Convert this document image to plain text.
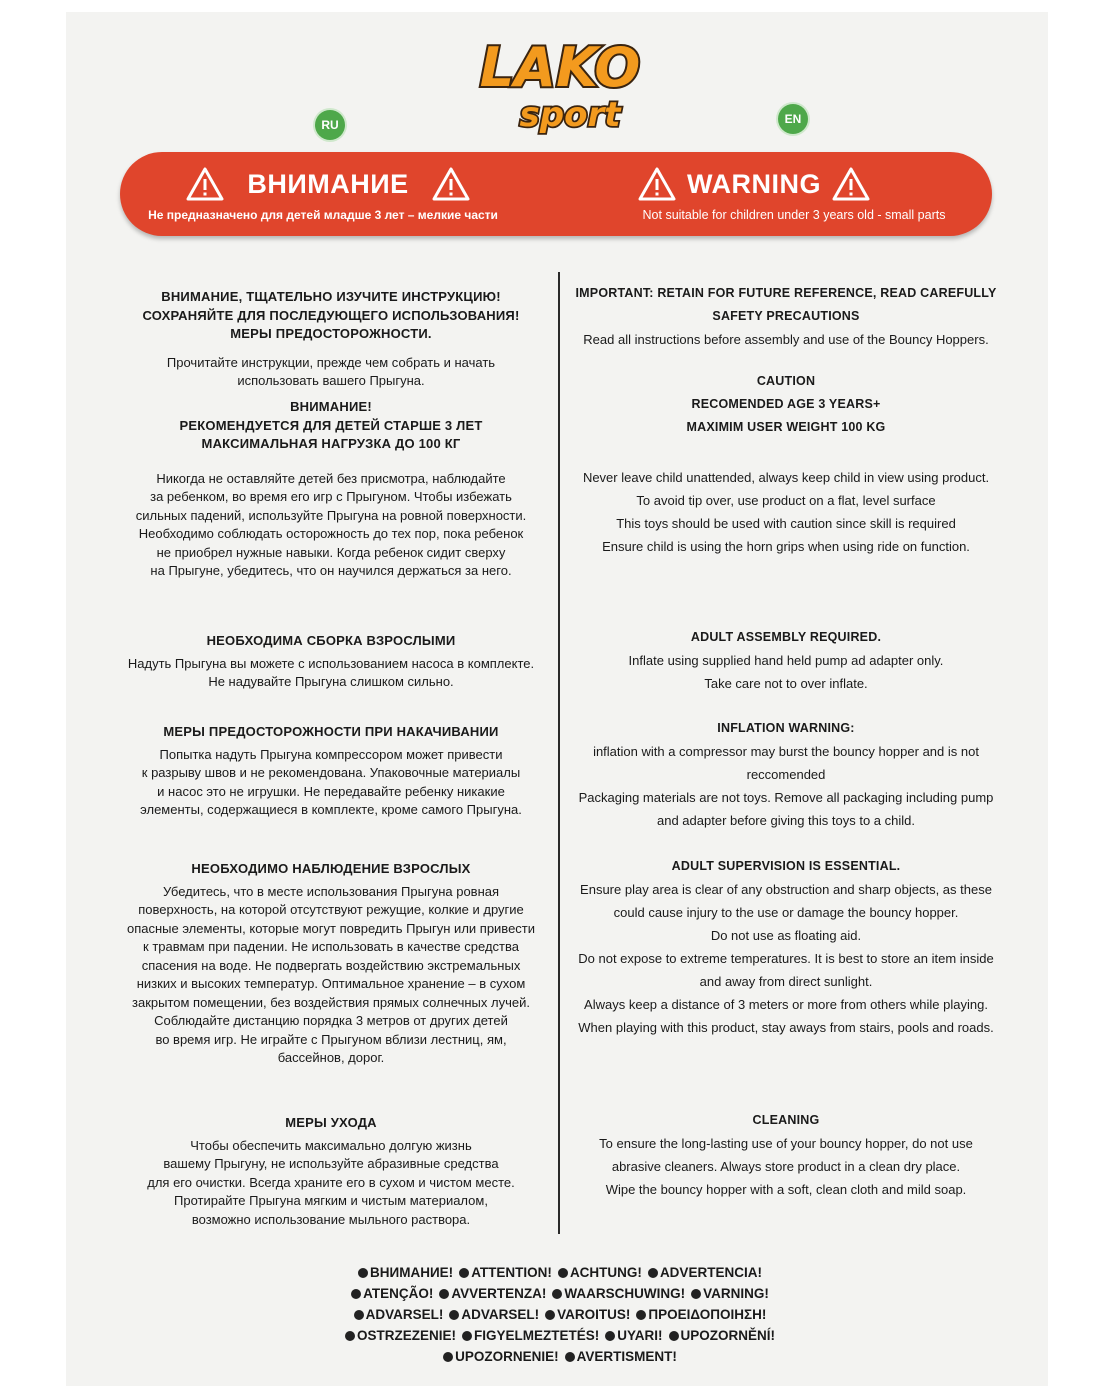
LAKO
sport
RU	EN
ВНИМАНИЕ
Не предназначено для детей младше 3 лет – мелкие части
WARNING
Not suitable for children under 3 years old - small parts
ВНИМАНИЕ, ТЩАТЕЛЬНО ИЗУЧИТЕ ИНСТРУКЦИЮ!
СОХРАНЯЙТЕ ДЛЯ ПОСЛЕДУЮЩЕГО ИСПОЛЬЗОВАНИЯ!
МЕРЫ ПРЕДОСТОРОЖНОСТИ.
Прочитайте инструкции, прежде чем собрать и начать
использовать вашего Прыгуна.
ВНИМАНИЕ!
РЕКОМЕНДУЕТСЯ ДЛЯ ДЕТЕЙ СТАРШЕ 3 ЛЕТ
МАКСИМАЛЬНАЯ НАГРУЗКА ДО 100 КГ
Никогда не оставляйте детей без присмотра, наблюдайте
за ребенком, во время его игр с Прыгуном. Чтобы избежать
сильных падений, используйте Прыгуна на ровной поверхности.
Необходимо соблюдать осторожность до тех пор, пока ребенок
не приобрел нужные навыки. Когда ребенок сидит сверху
на Прыгуне, убедитесь, что он научился держаться за него.
НЕОБХОДИМА СБОРКА ВЗРОСЛЫМИ
Надуть Прыгуна вы можете с использованием насоса в комплекте.
Не надувайте Прыгуна слишком сильно.
МЕРЫ ПРЕДОСТОРОЖНОСТИ ПРИ НАКАЧИВАНИИ
Попытка надуть Прыгуна компрессором может привести
к разрыву швов и не рекомендована. Упаковочные материалы
и насос это не игрушки. Не передавайте ребенку никакие
элементы, содержащиеся в комплекте, кроме самого Прыгуна.
НЕОБХОДИМО НАБЛЮДЕНИЕ ВЗРОСЛЫХ
Убедитесь, что в месте использования Прыгуна ровная
поверхность, на которой отсутствуют режущие, колкие и другие
опасные элементы, которые могут повредить Прыгун или привести
к травмам при падении. Не использовать в качестве средства
спасения на воде. Не подвергать воздействию экстремальных
низких и высоких температур. Оптимальное хранение – в сухом
закрытом помещении, без воздействия прямых солнечных лучей.
Соблюдайте дистанцию порядка 3 метров от других детей
во время игр. Не играйте с Прыгуном вблизи лестниц, ям,
бассейнов, дорог.
МЕРЫ УХОДА
Чтобы обеспечить максимально долгую жизнь
вашему Прыгуну, не используйте абразивные средства
для его очистки. Всегда храните его в сухом и чистом месте.
Протирайте Прыгуна мягким и чистым материалом,
возможно использование мыльного раствора.
IMPORTANT: RETAIN FOR FUTURE REFERENCE, READ CAREFULLY
SAFETY PRECAUTIONS
Read all instructions before assembly and use of the Bouncy Hoppers.
CAUTION
RECOMENDED AGE 3 YEARS+
MAXIMIM USER WEIGHT 100 KG
Never leave child unattended, always keep child in view using product.
To avoid tip over, use product on a flat, level surface
This toys should be used with caution since skill is required
Ensure child is using the horn grips when using ride on function.
ADULT ASSEMBLY REQUIRED.
Inflate using supplied hand held pump ad adapter only.
Take care not to over inflate.
INFLATION WARNING:
inflation with a compressor may burst the bouncy hopper and is not
reccomended
Packaging materials are not toys. Remove all packaging including pump
and adapter before giving this toys to a child.
ADULT SUPERVISION IS ESSENTIAL.
Ensure play area is clear of any obstruction and sharp objects, as these
could cause injury to the use or damage the bouncy hopper.
Do not use as floating aid.
Do not expose to extreme temperatures. It is best to store an item inside
and away from direct sunlight.
Always keep a distance of 3 meters or more from others while playing.
When playing with this product, stay aways from stairs, pools and roads.
CLEANING
To ensure the long-lasting use of your bouncy hopper, do not use
abrasive cleaners. Always store product in a clean dry place.
Wipe the bouncy hopper with a soft, clean cloth and mild soap.
ВНИМАНИЕ! ATTENTION! ACHTUNG! ADVERTENCIA!
ATENÇÃO! AVVERTENZA! WAARSCHUWING! VARNING!
ADVARSEL! ADVARSEL! VAROITUS! ΠΡΟΕΙΔΟΠΟΙΗΣΗ!
OSTRZEZENIE! FIGYELMEZTETÉS! UYARI! UPOZORNĚNÍ!
UPOZORNENIE! AVERTISMENT!
